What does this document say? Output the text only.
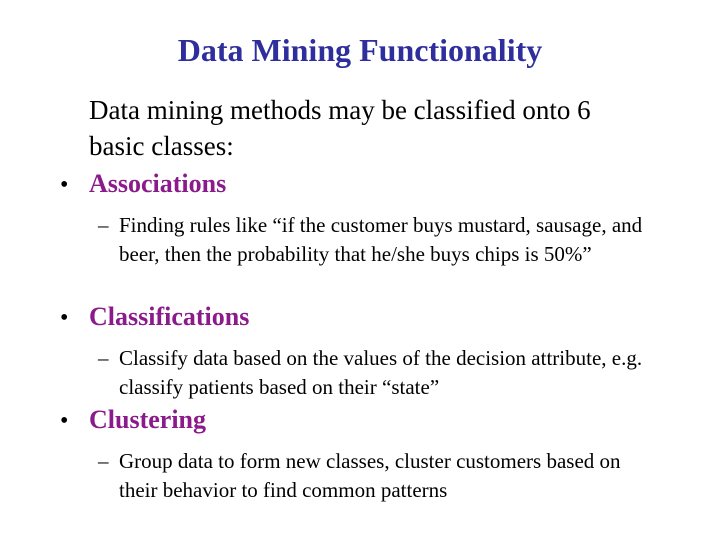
Data Mining Functionality
Data mining methods may be classified onto 6 basic classes:
• Associations
– Finding rules like “if the customer buys mustard, sausage, and beer, then the probability that he/she buys chips is 50%”
• Classifications
– Classify data based on the values of the decision attribute, e.g. classify patients based on their “state”
• Clustering
– Group data to form new classes, cluster customers based on their behavior to find common patterns
